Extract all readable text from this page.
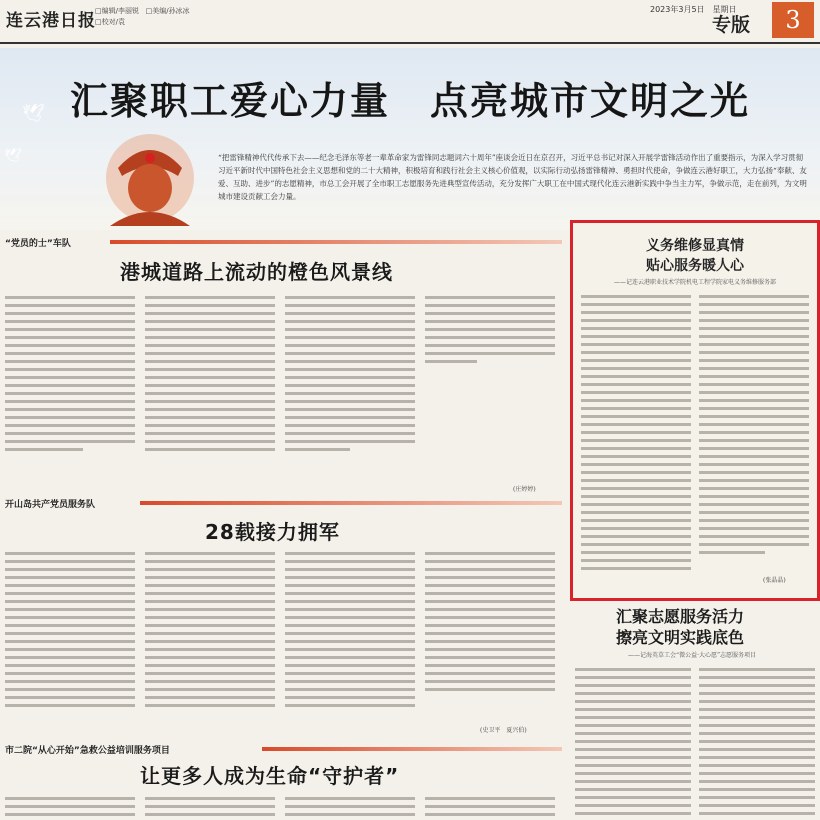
连云港日报 □编辑/李丽锐 □美编/孙冰冰
□校对/袁
2023年3月5日　星期日
专版	3
🕊
🕊
汇聚职工爱心力量　点亮城市文明之光
“把雷锋精神代代传承下去——纪念毛泽东等老一辈革命家为雷锋同志题词六十周年”座谈会近日在京召开，习近平总书记对深入开展学雷锋活动作出了重要指示，为深入学习贯彻习近平新时代中国特色社会主义思想和党的二十大精神，积极培育和践行社会主义核心价值观，以实际行动弘扬雷锋精神、勇担时代使命，争做连云港好职工，大力弘扬“奉献、友爱、互助、进步”的志愿精神，市总工会开展了全市职工志愿服务先进典型宣传活动，充分发挥广大职工在中国式现代化连云港新实践中争当主力军，争做示范，走在前列，为文明城市建设贡献工会力量。
“党员的士”车队
港城道路上流动的橙色风景线
(庄婷婷)
开山岛共产党员服务队
28载接力拥军
(史卫平　夏兴伯)
市二院“从心开始”急救公益培训服务项目
让更多人成为生命“守护者”
义务维修显真情
贴心服务暖人心
——记连云港职业技术学院机电工程学院家电义务维修服务部
(张晶晶)
汇聚志愿服务活力
擦亮文明实践底色
——记海英草工会“微公益·大心愿”志愿服务项目
